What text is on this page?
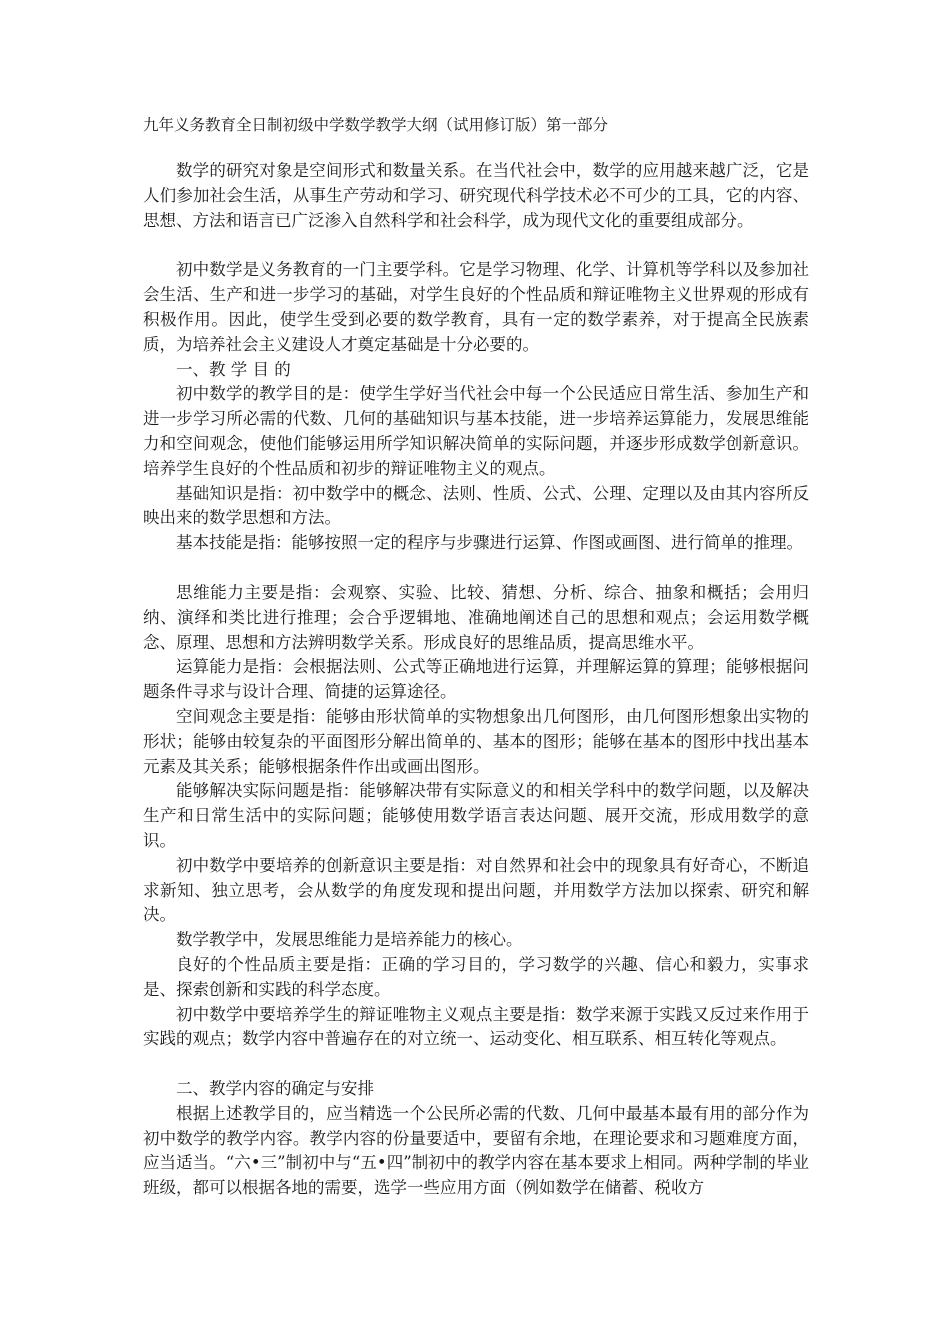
九年义务教育全日制初级中学数学教学大纲（试用修订版）第一部分

数学的研究对象是空间形式和数量关系。在当代社会中，数学的应用越来越广泛，它是人们参加社会生活，从事生产劳动和学习、研究现代科学技术必不可少的工具，它的内容、思想、方法和语言已广泛渗入自然科学和社会科学，成为现代文化的重要组成部分。

初中数学是义务教育的一门主要学科。它是学习物理、化学、计算机等学科以及参加社会生活、生产和进一步学习的基础，对学生良好的个性品质和辩证唯物主义世界观的形成有积极作用。因此，使学生受到必要的数学教育，具有一定的数学素养，对于提高全民族素质，为培养社会主义建设人才奠定基础是十分必要的。

一、教 学 目 的

初中数学的教学目的是：使学生学好当代社会中每一个公民适应日常生活、参加生产和进一步学习所必需的代数、几何的基础知识与基本技能，进一步培养运算能力，发展思维能力和空间观念，使他们能够运用所学知识解决简单的实际问题，并逐步形成数学创新意识。培养学生良好的个性品质和初步的辩证唯物主义的观点。

基础知识是指：初中数学中的概念、法则、性质、公式、公理、定理以及由其内容所反映出来的数学思想和方法。

基本技能是指：能够按照一定的程序与步骤进行运算、作图或画图、进行简单的推理。

思维能力主要是指：会观察、实验、比较、猜想、分析、综合、抽象和概括；会用归纳、演绎和类比进行推理；会合乎逻辑地、准确地阐述自己的思想和观点；会运用数学概念、原理、思想和方法辨明数学关系。形成良好的思维品质，提高思维水平。

运算能力是指：会根据法则、公式等正确地进行运算，并理解运算的算理；能够根据问题条件寻求与设计合理、简捷的运算途径。

空间观念主要是指：能够由形状简单的实物想象出几何图形，由几何图形想象出实物的形状；能够由较复杂的平面图形分解出简单的、基本的图形；能够在基本的图形中找出基本元素及其关系；能够根据条件作出或画出图形。

能够解决实际问题是指：能够解决带有实际意义的和相关学科中的数学问题，以及解决生产和日常生活中的实际问题；能够使用数学语言表达问题、展开交流，形成用数学的意识。

初中数学中要培养的创新意识主要是指：对自然界和社会中的现象具有好奇心，不断追求新知、独立思考，会从数学的角度发现和提出问题，并用数学方法加以探索、研究和解决。

数学教学中，发展思维能力是培养能力的核心。

良好的个性品质主要是指：正确的学习目的，学习数学的兴趣、信心和毅力，实事求是、探索创新和实践的科学态度。

初中数学中要培养学生的辩证唯物主义观点主要是指：数学来源于实践又反过来作用于实践的观点；数学内容中普遍存在的对立统一、运动变化、相互联系、相互转化等观点。

二、教学内容的确定与安排

根据上述教学目的，应当精选一个公民所必需的代数、几何中最基本最有用的部分作为初中数学的教学内容。教学内容的份量要适中，要留有余地，在理论要求和习题难度方面，应当适当。“六•三”制初中与“五•四”制初中的教学内容在基本要求上相同。两种学制的毕业班级，都可以根据各地的需要，选学一些应用方面（例如数学在储蓄、税收方
